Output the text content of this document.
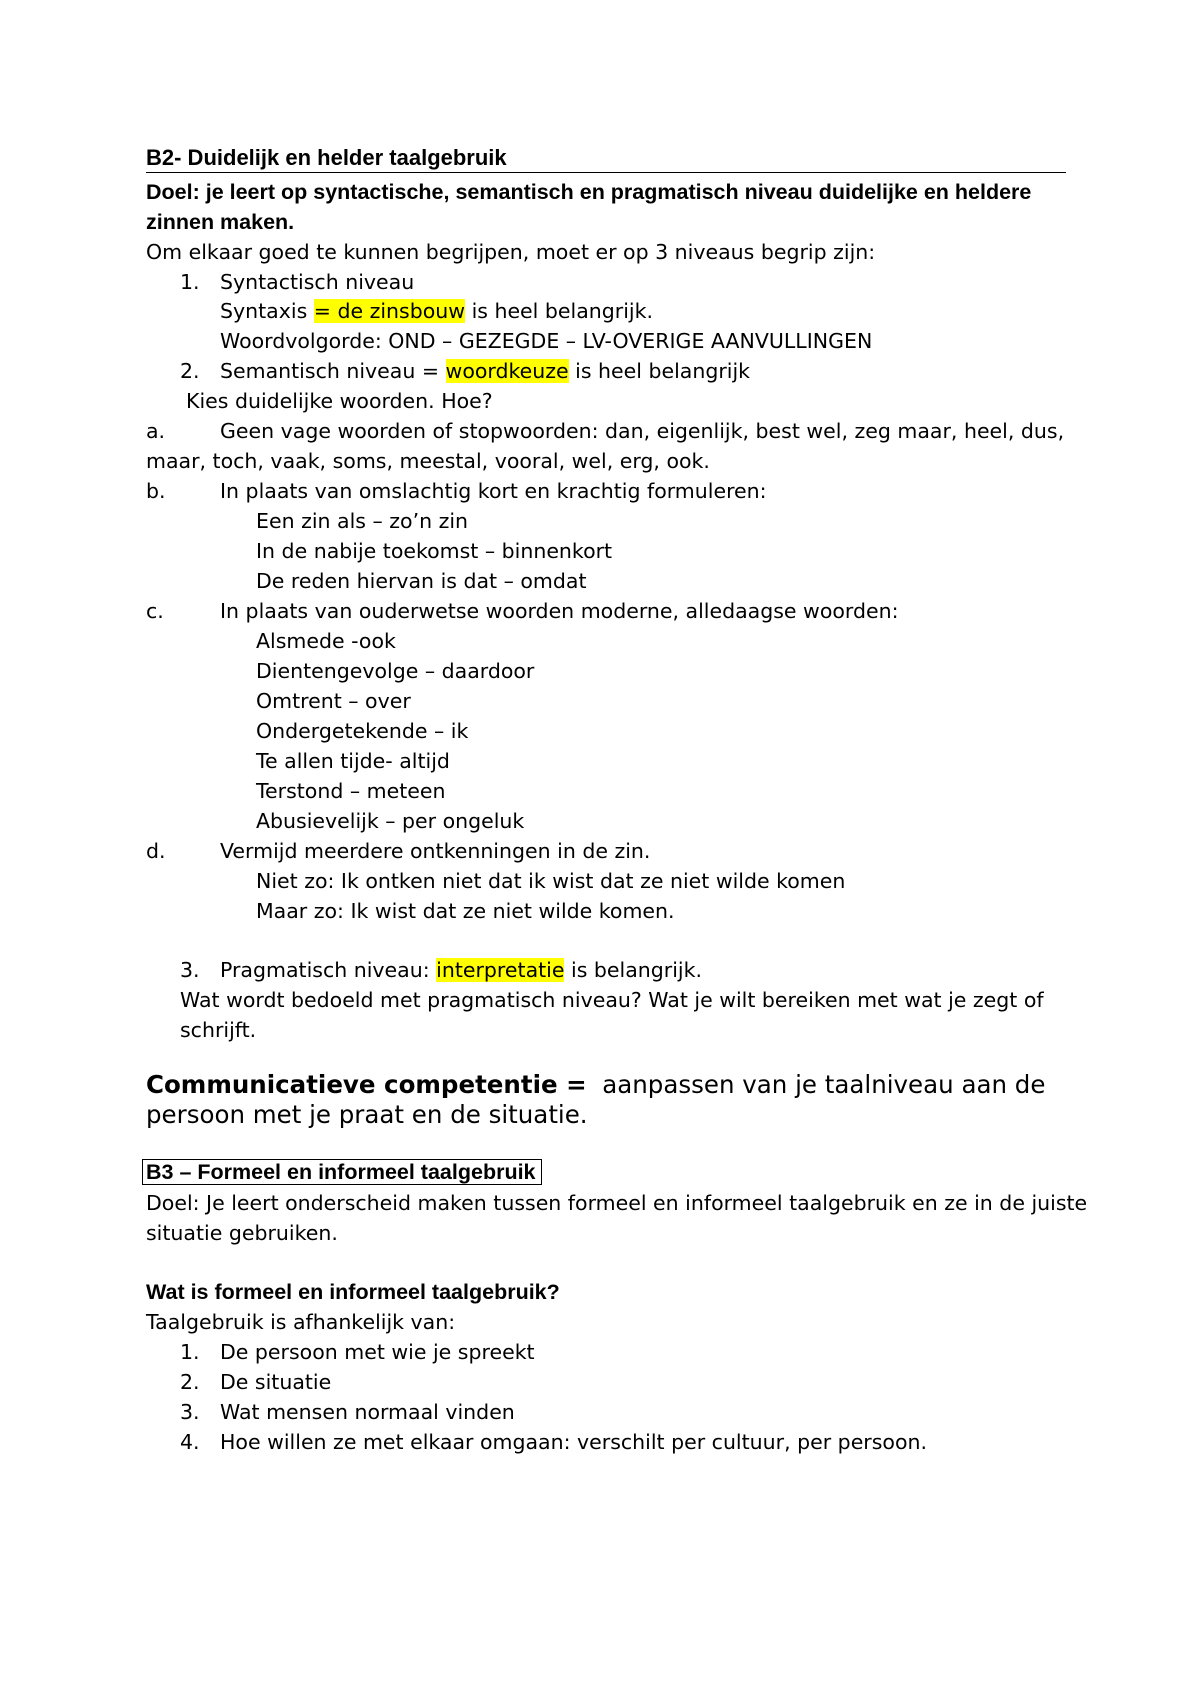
B2- Duidelijk en helder taalgebruik

Doel: je leert op syntactische, semantisch en pragmatisch niveau duidelijke en heldere

zinnen maken.

Om elkaar goed te kunnen begrijpen, moet er op 3 niveaus begrip zijn:

1. Syntactisch niveau

Syntaxis = de zinsbouw is heel belangrijk.

Woordvolgorde: OND – GEZEGDE – LV-OVERIGE AANVULLINGEN

2. Semantisch niveau = woordkeuze is heel belangrijk

Kies duidelijke woorden. Hoe?

a.	Geen vage woorden of stopwoorden: dan, eigenlijk, best wel, zeg maar, heel, dus,

maar, toch, vaak, soms, meestal, vooral, wel, erg, ook.

b.	In plaats van omslachtig kort en krachtig formuleren:

Een zin als – zo’n zin

In de nabije toekomst – binnenkort

De reden hiervan is dat – omdat

c.	In plaats van ouderwetse woorden moderne, alledaagse woorden:

Alsmede -ook

Dientengevolge – daardoor

Omtrent – over

Ondergetekende – ik

Te allen tijde- altijd

Terstond – meteen

Abusievelijk – per ongeluk

d.	Vermijd meerdere ontkenningen in de zin.

Niet zo: Ik ontken niet dat ik wist dat ze niet wilde komen

Maar zo: Ik wist dat ze niet wilde komen.

3. Pragmatisch niveau: interpretatie is belangrijk.

Wat wordt bedoeld met pragmatisch niveau? Wat je wilt bereiken met wat je zegt of

schrijft.

Communicatieve competentie = aanpassen van je taalniveau aan de

persoon met je praat en de situatie.

B3 – Formeel en informeel taalgebruik

Doel: Je leert onderscheid maken tussen formeel en informeel taalgebruik en ze in de juiste

situatie gebruiken.

Wat is formeel en informeel taalgebruik?

Taalgebruik is afhankelijk van:

1. De persoon met wie je spreekt

2. De situatie

3. Wat mensen normaal vinden

4. Hoe willen ze met elkaar omgaan: verschilt per cultuur, per persoon.
